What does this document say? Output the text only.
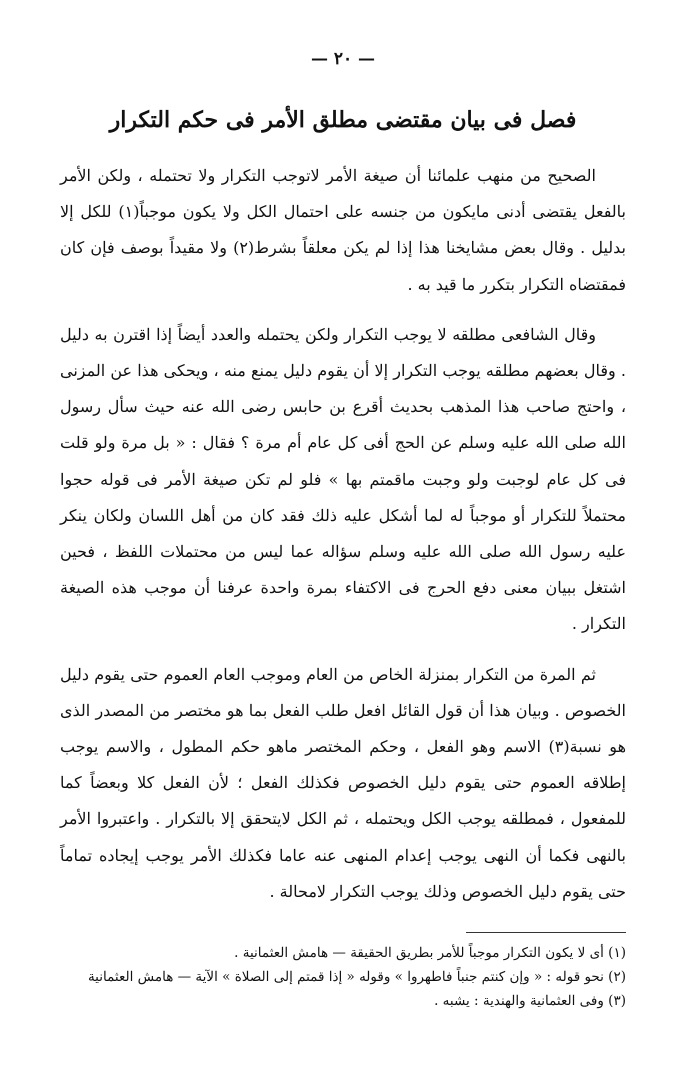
— ٢٠ —
فصل فى بيان مقتضى مطلق الأمر فى حكم التكرار

الصحيح من منهب علمائنا أن صيغة الأمر لاتوجب التكرار ولا تحتمله ، ولكن الأمر بالفعل يقتضى أدنى مايكون من جنسه على احتمال الكل ولا يكون موجباً(١) للكل إلا بدليل . وقال بعض مشايخنا هذا إذا لم يكن معلقاً بشرط(٢) ولا مقيداً بوصف فإن كان فمقتضاه التكرار بتكرر ما قيد به .

وقال الشافعى مطلقه لا يوجب التكرار ولكن يحتمله والعدد أيضاً إذا اقترن به دليل . وقال بعضهم مطلقه يوجب التكرار إلا أن يقوم دليل يمنع منه ، ويحكى هذا عن المزنى ، واحتج صاحب هذا المذهب بحديث أقرع بن حابس رضى الله عنه حيث سأل رسول الله صلى الله عليه وسلم عن الحج أفى كل عام أم مرة ؟ فقال : « بل مرة ولو قلت فى كل عام لوجبت ولو وجبت ماقمتم بها » فلو لم تكن صيغة الأمر فى قوله حجوا محتملاً للتكرار أو موجباً له لما أشكل عليه ذلك فقد كان من أهل اللسان ولكان ينكر عليه رسول الله صلى الله عليه وسلم سؤاله عما ليس من محتملات اللفظ ، فحين اشتغل ببيان معنى دفع الحرج فى الاكتفاء بمرة واحدة عرفنا أن موجب هذه الصيغة التكرار .

ثم المرة من التكرار بمنزلة الخاص من العام وموجب العام العموم حتى يقوم دليل الخصوص . وبيان هذا أن قول القائل افعل طلب الفعل بما هو مختصر من المصدر الذى هو نسبة(٣) الاسم وهو الفعل ، وحكم المختصر ماهو حكم المطول ، والاسم يوجب إطلاقه العموم حتى يقوم دليل الخصوص فكذلك الفعل ؛ لأن الفعل كلا وبعضاً كما للمفعول ، فمطلقه يوجب الكل ويحتمله ، ثم الكل لايتحقق إلا بالتكرار . واعتبروا الأمر بالنهى فكما أن النهى يوجب إعدام المنهى عنه عاما فكذلك الأمر يوجب إيجاده تماماً حتى يقوم دليل الخصوص وذلك يوجب التكرار لامحالة .

(١) أى لا يكون التكرار موجباً للأمر بطريق الحقيقة — هامش العثمانية .

(٢) نحو قوله : « وإن كنتم جنباً فاطهروا » وقوله « إذا قمتم إلى الصلاة » الآية — هامش العثمانية

(٣) وفى العثمانية والهندية : يشبه .
